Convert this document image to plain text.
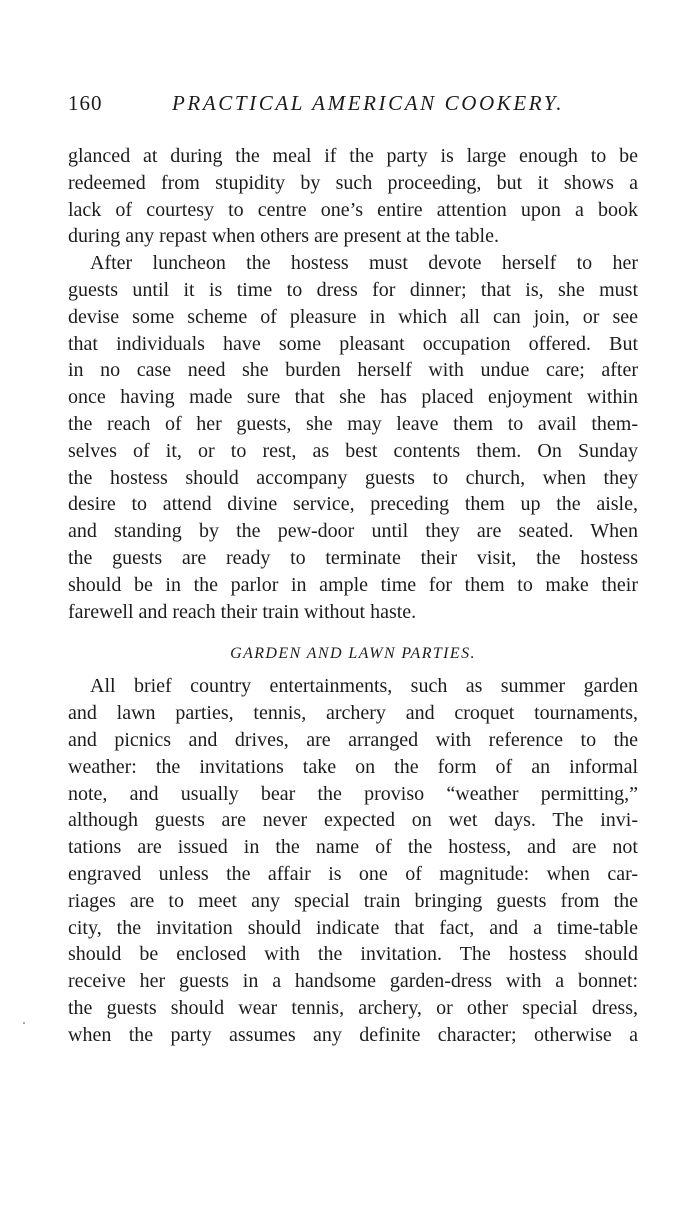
160	PRACTICAL AMERICAN COOKERY.
glanced at during the meal if the party is large enough to be
redeemed from stupidity by such proceeding, but it shows a
lack of courtesy to centre one’s entire attention upon a book
during any repast when others are present at the table.
After luncheon the hostess must devote herself to her
guests until it is time to dress for dinner; that is, she must
devise some scheme of pleasure in which all can join, or see
that individuals have some pleasant occupation offered. But
in no case need she burden herself with undue care; after
once having made sure that she has placed enjoyment within
the reach of her guests, she may leave them to avail them-
selves of it, or to rest, as best contents them. On Sunday
the hostess should accompany guests to church, when they
desire to attend divine service, preceding them up the aisle,
and standing by the pew-door until they are seated. When
the guests are ready to terminate their visit, the hostess
should be in the parlor in ample time for them to make their
farewell and reach their train without haste.
GARDEN AND LAWN PARTIES.
All brief country entertainments, such as summer garden
and lawn parties, tennis, archery and croquet tournaments,
and picnics and drives, are arranged with reference to the
weather: the invitations take on the form of an informal
note, and usually bear the proviso “weather permitting,”
although guests are never expected on wet days. The invi-
tations are issued in the name of the hostess, and are not
engraved unless the affair is one of magnitude: when car-
riages are to meet any special train bringing guests from the
city, the invitation should indicate that fact, and a time-table
should be enclosed with the invitation. The hostess should
receive her guests in a handsome garden-dress with a bonnet:
the guests should wear tennis, archery, or other special dress,
when the party assumes any definite character; otherwise a
